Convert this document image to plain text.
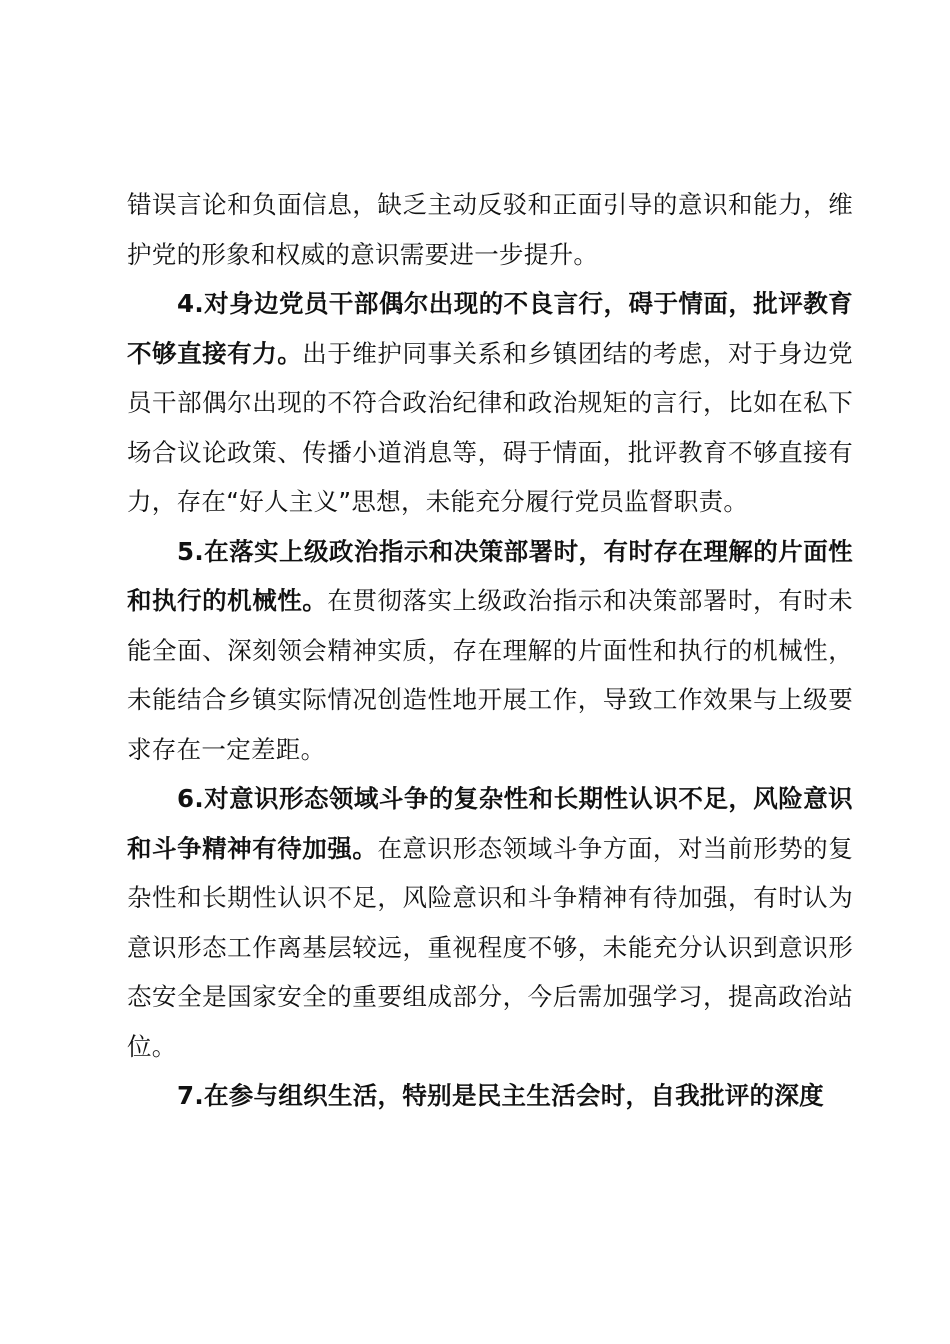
错误言论和负面信息，缺乏主动反驳和正面引导的意识和能力，维护党的形象和权威的意识需要进一步提升。

4.对身边党员干部偶尔出现的不良言行，碍于情面，批评教育不够直接有力。出于维护同事关系和乡镇团结的考虑，对于身边党员干部偶尔出现的不符合政治纪律和政治规矩的言行，比如在私下场合议论政策、传播小道消息等，碍于情面，批评教育不够直接有力，存在“好人主义”思想，未能充分履行党员监督职责。

5.在落实上级政治指示和决策部署时，有时存在理解的片面性和执行的机械性。在贯彻落实上级政治指示和决策部署时，有时未能全面、深刻领会精神实质，存在理解的片面性和执行的机械性，未能结合乡镇实际情况创造性地开展工作，导致工作效果与上级要求存在一定差距。

6.对意识形态领域斗争的复杂性和长期性认识不足，风险意识和斗争精神有待加强。在意识形态领域斗争方面，对当前形势的复杂性和长期性认识不足，风险意识和斗争精神有待加强，有时认为意识形态工作离基层较远，重视程度不够，未能充分认识到意识形态安全是国家安全的重要组成部分，今后需加强学习，提高政治站位。

7.在参与组织生活，特别是民主生活会时，自我批评的深度
